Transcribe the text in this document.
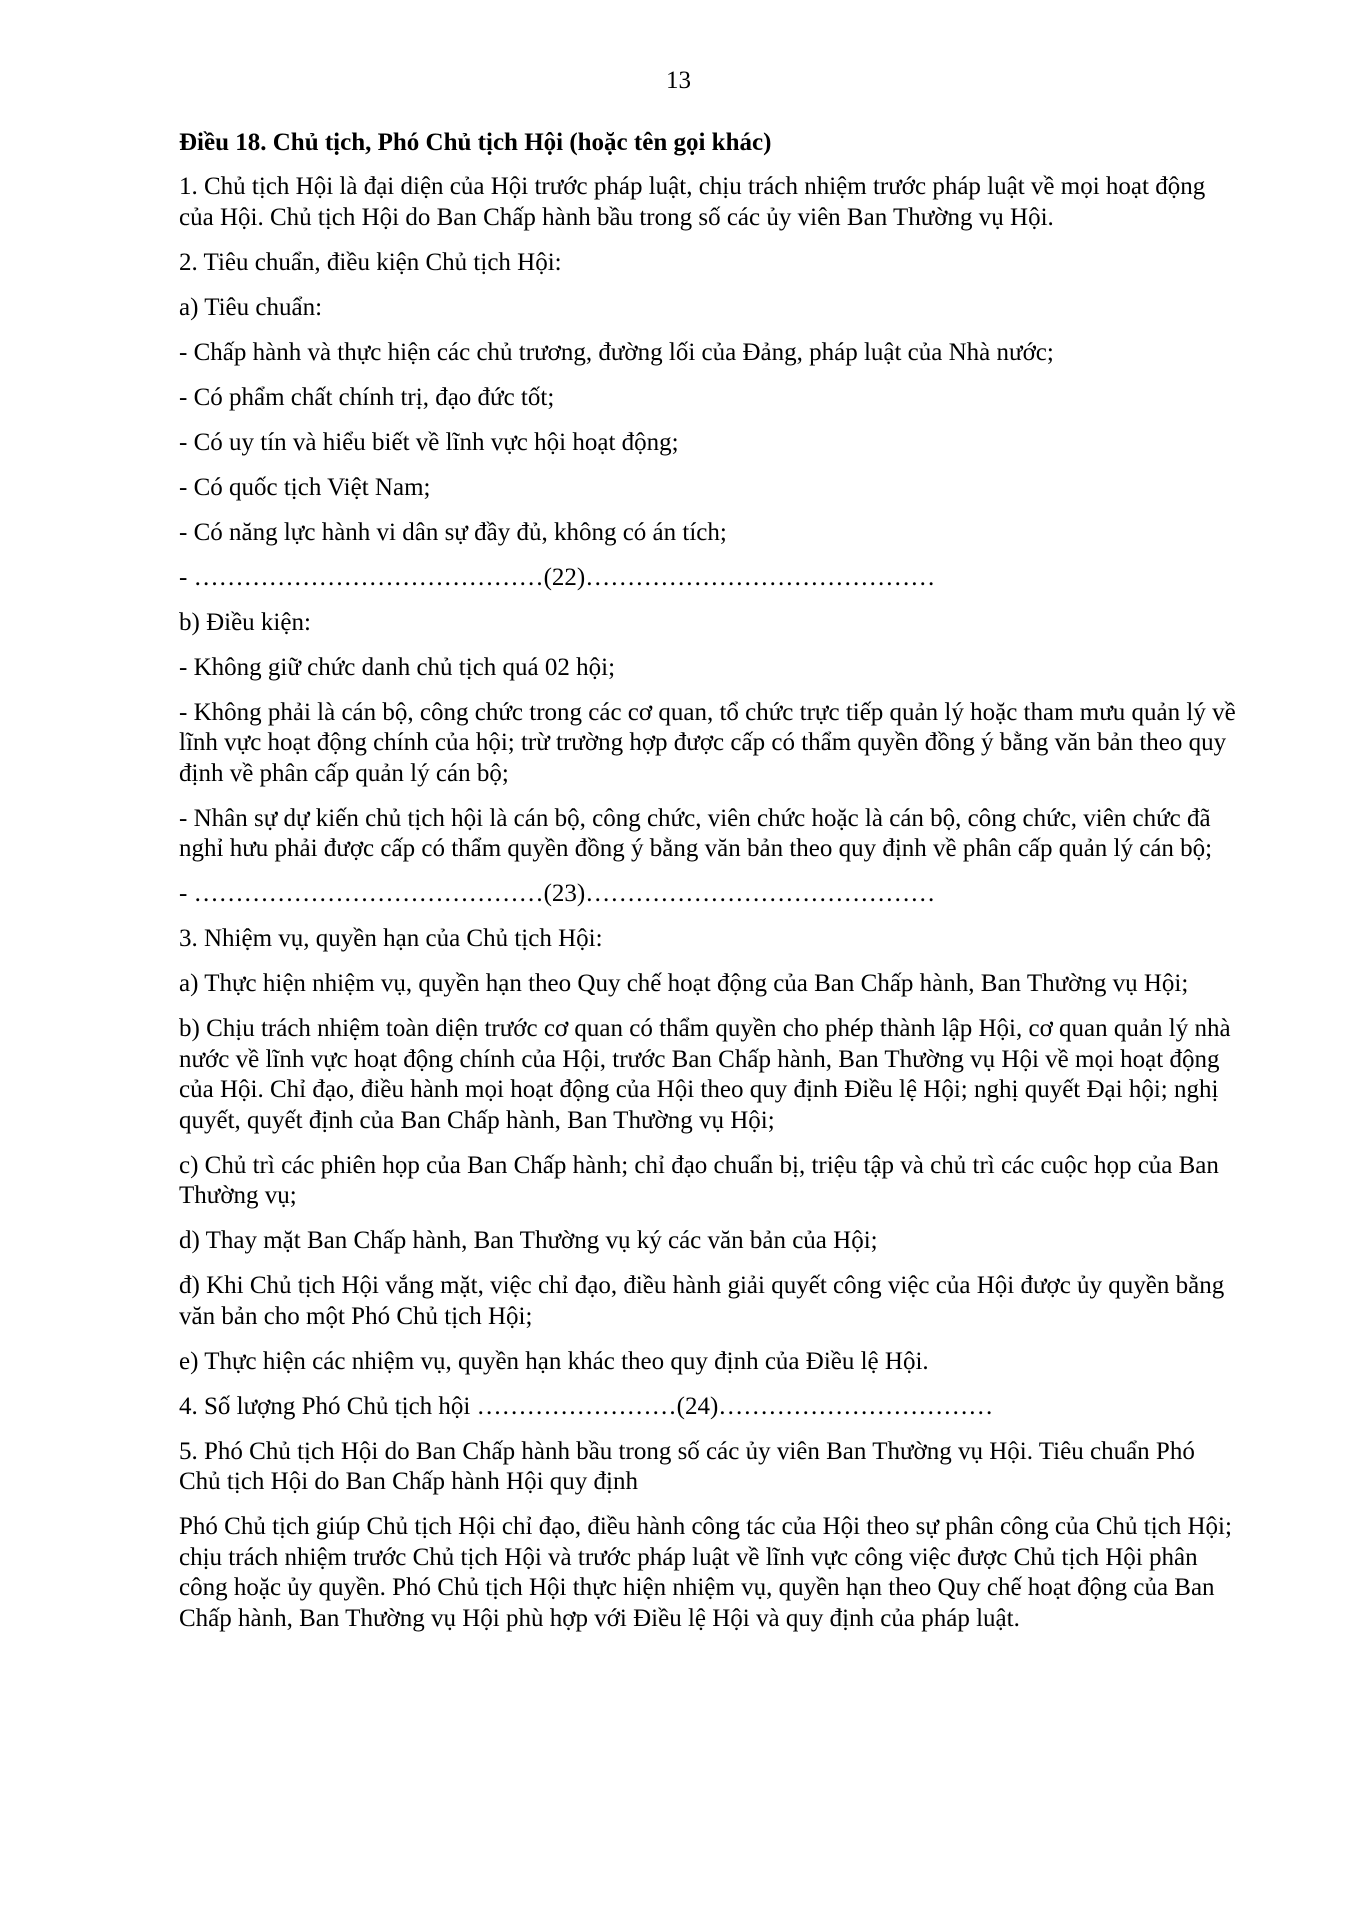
13
Điều 18. Chủ tịch, Phó Chủ tịch Hội (hoặc tên gọi khác)
1. Chủ tịch Hội là đại diện của Hội trước pháp luật, chịu trách nhiệm trước pháp luật về mọi hoạt động của Hội. Chủ tịch Hội do Ban Chấp hành bầu trong số các ủy viên Ban Thường vụ Hội.
2. Tiêu chuẩn, điều kiện Chủ tịch Hội:
a) Tiêu chuẩn:
- Chấp hành và thực hiện các chủ trương, đường lối của Đảng, pháp luật của Nhà nước;
- Có phẩm chất chính trị, đạo đức tốt;
- Có uy tín và hiểu biết về lĩnh vực hội hoạt động;
- Có quốc tịch Việt Nam;
- Có năng lực hành vi dân sự đầy đủ, không có án tích;
- ……………………………………(22)……………………………………
b) Điều kiện:
- Không giữ chức danh chủ tịch quá 02 hội;
- Không phải là cán bộ, công chức trong các cơ quan, tổ chức trực tiếp quản lý hoặc tham mưu quản lý về lĩnh vực hoạt động chính của hội; trừ trường hợp được cấp có thẩm quyền đồng ý bằng văn bản theo quy định về phân cấp quản lý cán bộ;
- Nhân sự dự kiến chủ tịch hội là cán bộ, công chức, viên chức hoặc là cán bộ, công chức, viên chức đã nghỉ hưu phải được cấp có thẩm quyền đồng ý bằng văn bản theo quy định về phân cấp quản lý cán bộ;
- ……………………………………(23)……………………………………
3. Nhiệm vụ, quyền hạn của Chủ tịch Hội:
a) Thực hiện nhiệm vụ, quyền hạn theo Quy chế hoạt động của Ban Chấp hành, Ban Thường vụ Hội;
b) Chịu trách nhiệm toàn diện trước cơ quan có thẩm quyền cho phép thành lập Hội, cơ quan quản lý nhà nước về lĩnh vực hoạt động chính của Hội, trước Ban Chấp hành, Ban Thường vụ Hội về mọi hoạt động của Hội. Chỉ đạo, điều hành mọi hoạt động của Hội theo quy định Điều lệ Hội; nghị quyết Đại hội; nghị quyết, quyết định của Ban Chấp hành, Ban Thường vụ Hội;
c) Chủ trì các phiên họp của Ban Chấp hành; chỉ đạo chuẩn bị, triệu tập và chủ trì các cuộc họp của Ban Thường vụ;
d) Thay mặt Ban Chấp hành, Ban Thường vụ ký các văn bản của Hội;
đ) Khi Chủ tịch Hội vắng mặt, việc chỉ đạo, điều hành giải quyết công việc của Hội được ủy quyền bằng văn bản cho một Phó Chủ tịch Hội;
e) Thực hiện các nhiệm vụ, quyền hạn khác theo quy định của Điều lệ Hội.
4. Số lượng Phó Chủ tịch hội ……………………(24)……………………………
5. Phó Chủ tịch Hội do Ban Chấp hành bầu trong số các ủy viên Ban Thường vụ Hội. Tiêu chuẩn Phó Chủ tịch Hội do Ban Chấp hành Hội quy định
Phó Chủ tịch giúp Chủ tịch Hội chỉ đạo, điều hành công tác của Hội theo sự phân công của Chủ tịch Hội; chịu trách nhiệm trước Chủ tịch Hội và trước pháp luật về lĩnh vực công việc được Chủ tịch Hội phân công hoặc ủy quyền. Phó Chủ tịch Hội thực hiện nhiệm vụ, quyền hạn theo Quy chế hoạt động của Ban Chấp hành, Ban Thường vụ Hội phù hợp với Điều lệ Hội và quy định của pháp luật.
